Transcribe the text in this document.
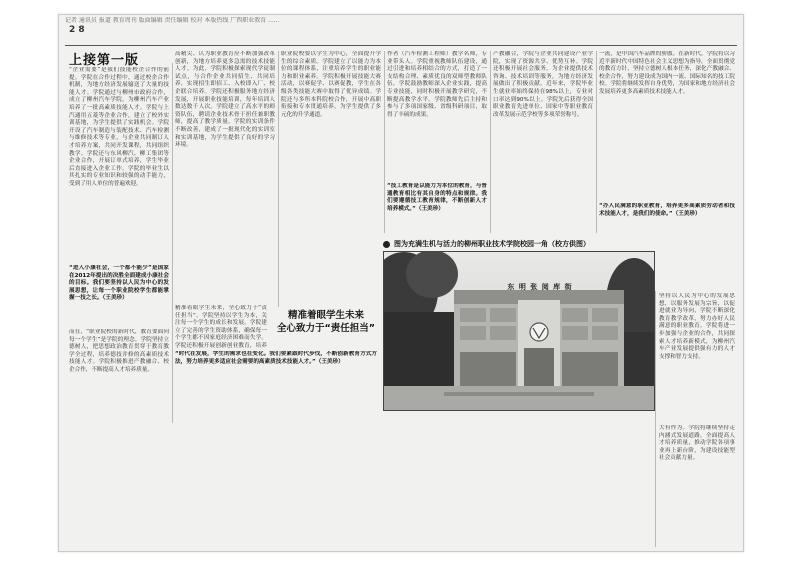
记者 通讯员 报道 教育周刊 版面编辑 责任编辑 校对 本版热线 广西职业教育 ......
2 8
上接第一版
“企业需要”是我们技能校企合作的前提。学院在合作过程中，通过校企合作机制，为地方经济发展输送了大量的技能人才。学院通过与柳州市政府合作，成立了柳州汽车学院，为柳州汽车产业培养了一批高素质技能人才。学院与上汽通用五菱等企业合作，建立了校外实训基地，为学生提供了实践机会。学院开设了汽车制造与装配技术、汽车检测与维修技术等专业，与企业共同制订人才培养方案，共同开发课程，共同组织教学。学院还与东风柳汽、柳工集团等企业合作，开展订单式培养，学生毕业后直接进入企业工作。学院的毕业生以其扎实的专业知识和较强的动手能力，受到了用人单位的普遍欢迎。
“进入小康社会，一个都不能少”是国家在2012年提出的决胜全面建成小康社会的目标。我们要坚持以人民为中心的发展思想，让每一个职业院校学生都能掌握一技之长。（王美珍）
而在，“职业院校的新时代，教育要面向每一个学生”是学院的理念。学院坚持立德树人，把思想政治教育贯穿于教育教学全过程，培养德技并修的高素质技术技能人才。学院积极推进产教融合、校企合作，不断提高人才培养质量。
高精尖、认为职业教育应不断加强改革创新，为地方培养更多急需的技术技能人才。为此，学院积极探索现代学徒制试点，与合作企业共同招生、共同培养，实现招生即招工、入校即入厂、校企联合培养。学院还积极服务地方经济发展，开展职业技能培训，每年培训人数达数千人次。学院建立了高水平的师资队伍，聘请企业技术骨干担任兼职教师，提高了教学质量。学院的实训条件不断改善，建成了一批现代化的实训室和实训基地，为学生提供了良好的学习环境。
精准着眼学生未来，全心致力于“责任担当”。学院坚持以学生为本，关注每一个学生的成长和发展。学院建立了完善的学生资助体系，确保每一个学生都不因家庭经济困难而失学。学院还积极开展创新创业教育，培养
精准着眼学生未来
全心致力于“责任担当”
“时代在发展，学生的需求也在变化。我们要紧跟时代步伐，不断创新教育方式方法，努力培养更多适应社会需要的高素质技术技能人才。”（王美珍）
职业院校要以学生为中心，全面提升学生的综合素质。学院建立了以能力为本位的课程体系，注重培养学生的职业能力和职业素养。学院积极开展技能大赛活动，以赛促学、以赛促教，学生在各级各类技能大赛中取得了优异成绩。学院还与多所本科院校合作，开展中高职衔接和专本贯通培养，为学生提供了多元化的升学通道。
作者（汽车检测工程师）教学名师，专业带头人。学院重视教师队伍建设，通过引进和培养相结合的方式，打造了一支结构合理、素质优良的双师型教师队伍。学院鼓励教师深入企业实践，提高专业技能，同时积极开展教学研究，不断提高教学水平。学院教师先后主持和参与了多项国家级、省级科研项目，取得了丰硕的成果。
“技工教育是以能力为本位的教育，与普通教育相比有其自身的特点和规律。我们要遵循技工教育规律，不断创新人才培养模式。”（王美珍）
产教融合，学院与企业共同建设产业学院，实现了资源共享、优势互补。学院还积极开展社会服务，为企业提供技术咨询、技术培训等服务，为地方经济发展做出了积极贡献。近年来，学院毕业生就业率始终保持在98%以上，专业对口率达到90%以上。学院先后获得全国职业教育先进单位、国家中等职业教育改革发展示范学校等多项荣誉称号。
一流，是中国汽车品牌的骄傲。在新时代，学院将以习近平新时代中国特色社会主义思想为指导，全面贯彻党的教育方针，坚持立德树人根本任务，深化产教融合、校企合作，努力建设成为国内一流、国际知名的技工院校。学院将继续发挥自身优势，为国家和地方经济社会发展培养更多高素质技术技能人才。
“办人民满意的职业教育，培养更多高素质劳动者和技术技能人才，是我们的使命。”（王美珍）
坚持以人民为中心的发展思想，以服务发展为宗旨，以促进就业为导向，学院不断深化教育教学改革，努力办好人民满意的职业教育。学院将进一步加强与企业的合作，共同探索人才培养新模式，为柳州汽车产业发展提供强有力的人才支撑和智力支持。
大有作为。学院将继续坚持走内涵式发展道路，全面提高人才培养质量，推动学院各项事业再上新台阶，为建设技能型社会贡献力量。
图为充满生机与活力的柳州职业技术学院校园一角（校方供图）
东 明 张 阅 库 街
